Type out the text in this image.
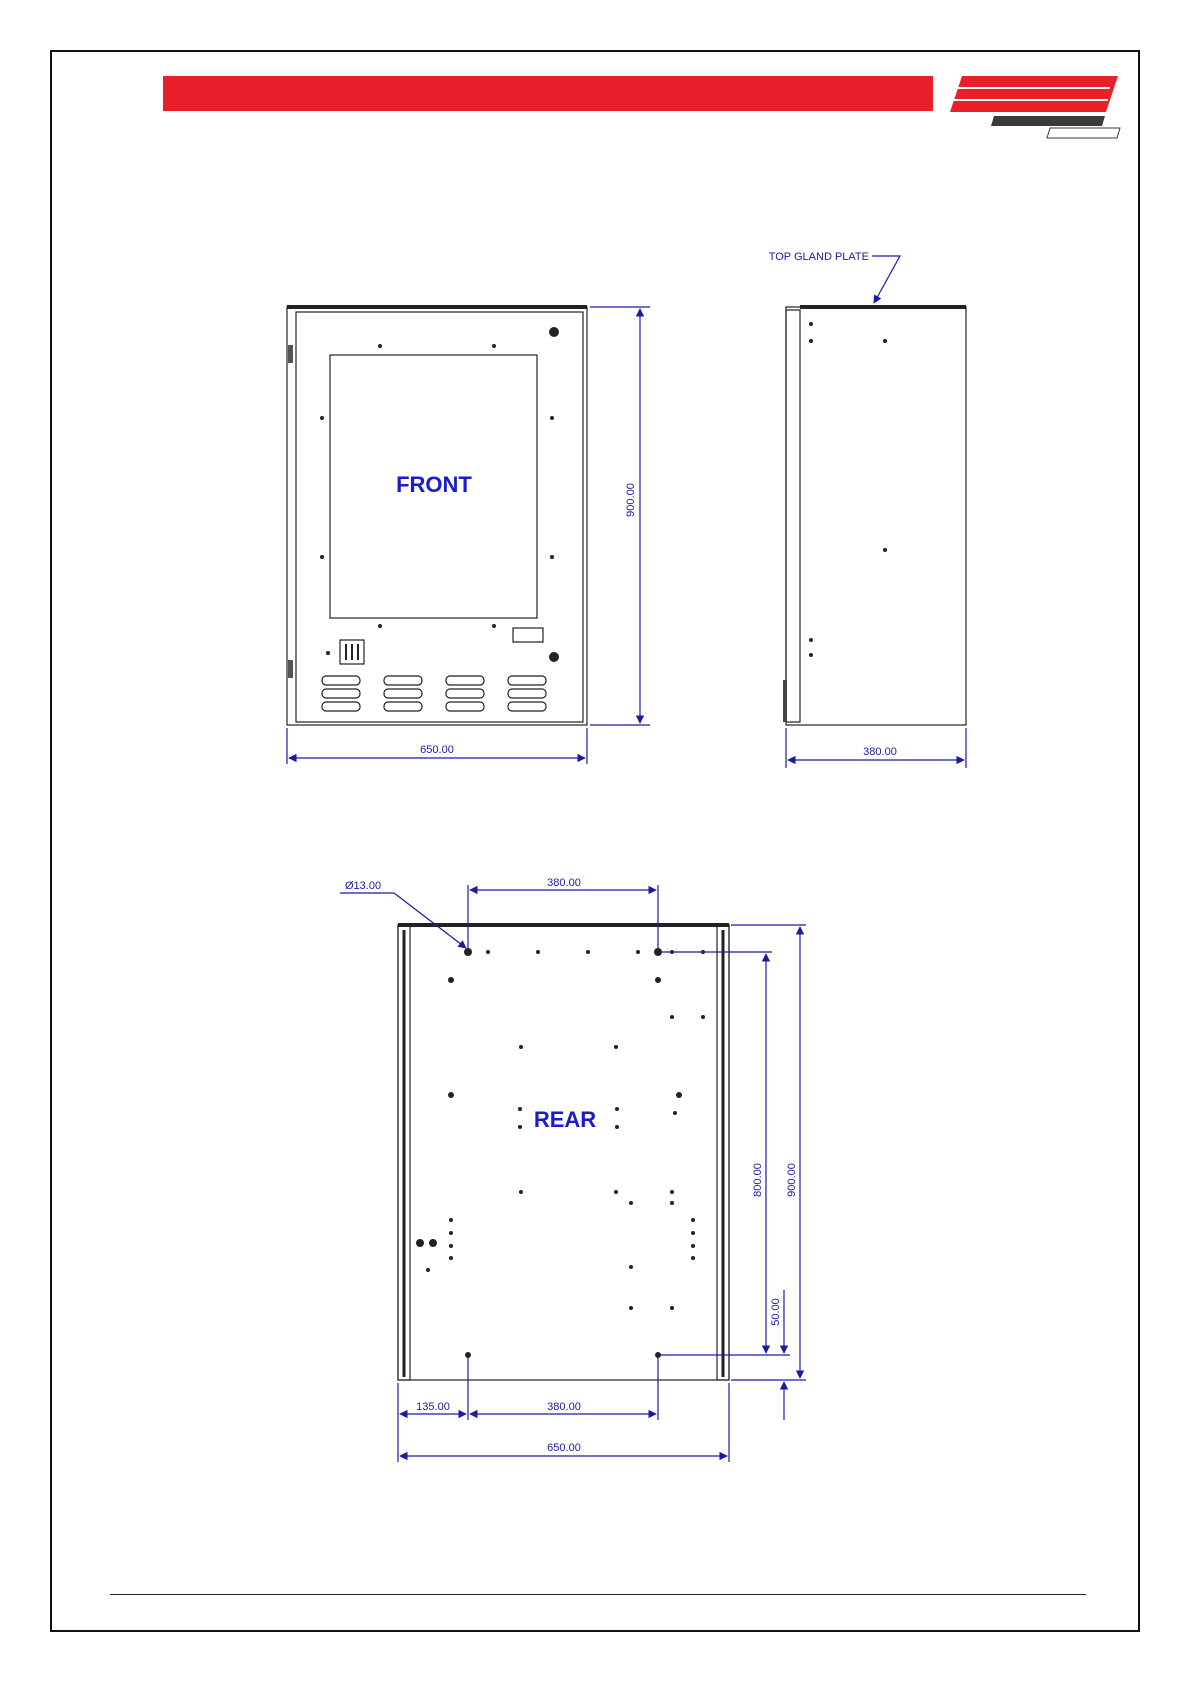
650.00
900.00
FRONT
TOP GLAND PLATE
380.00
REAR
Ø13.00	380.00
900.00
800.00
50.00
135.00	380.00
650.00
